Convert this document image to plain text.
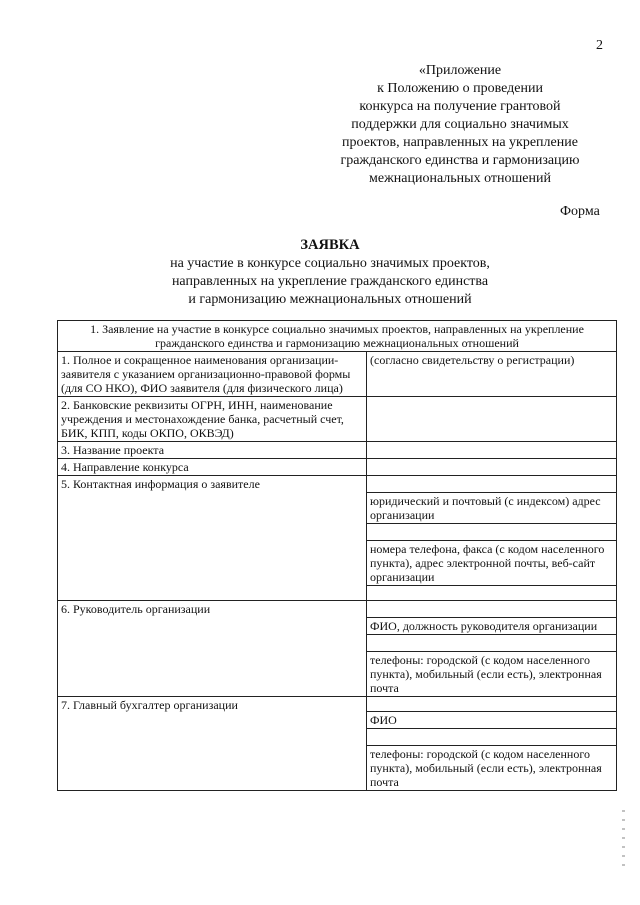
2
«Приложение
к Положению о проведении
конкурса на получение грантовой
поддержки для социально значимых
проектов, направленных на укрепление
гражданского единства и гармонизацию
межнациональных отношений
Форма
ЗАЯВКА
на участие в конкурсе социально значимых проектов,
направленных на укрепление гражданского единства
и гармонизацию межнациональных отношений
1. Заявление на участие в конкурсе социально значимых проектов, направленных на укрепление гражданского единства и гармонизацию межнациональных отношений	
1. Полное и сокращенное наименования организации-заявителя с указанием организационно-правовой формы (для СО НКО), ФИО заявителя (для физического лица)	(согласно свидетельству о регистрации)
2. Банковские реквизиты ОГРН, ИНН, наименование учреждения и местонахождение банка, расчетный счет, БИК, КПП, коды ОКПО, ОКВЭД)	
3. Название проекта	
4. Направление конкурса	
5. Контактная информация о заявителе	
	юридический и почтовый (с индексом) адрес организации

	номера телефона, факса (с кодом населенного пункта), адрес электронной почты, веб-сайт организации

6. Руководитель организации	
	ФИО, должность руководителя организации

	телефоны: городской (с кодом населенного пункта), мобильный (если есть), электронная почта
7. Главный бухгалтер организации	
	ФИО

	телефоны: городской (с кодом населенного пункта), мобильный (если есть), электронная почта
